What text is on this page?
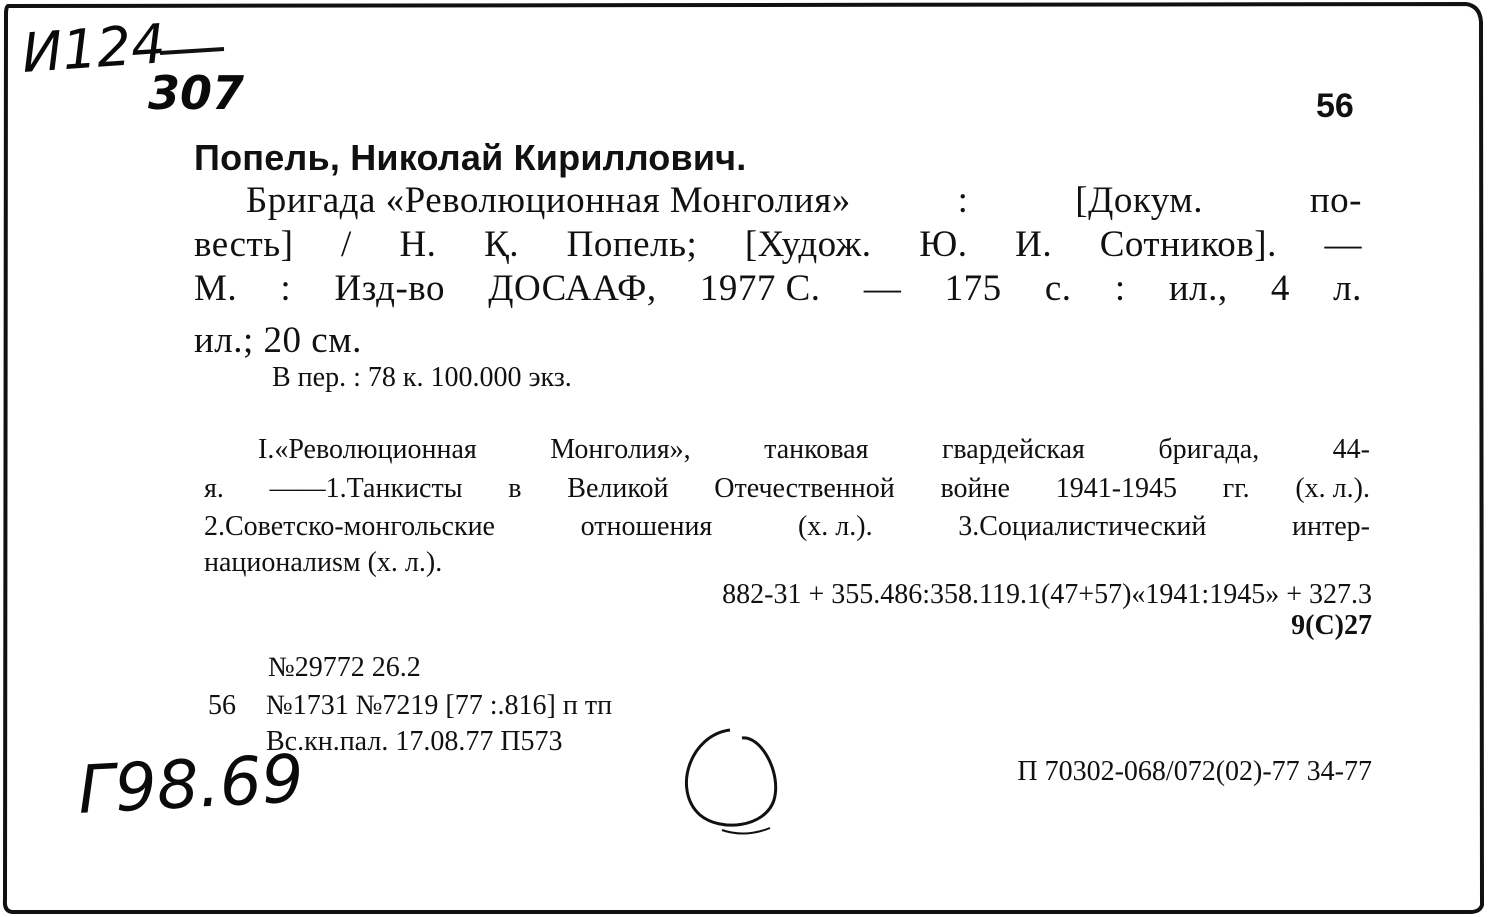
И124
307
Г98.69
56
Попель, Николай Кириллович.
Бригада «Революционная Монголия»	:	[Докум.	по-
весть] / Н. Қ. Попель; [Худож. Ю. И. Сотников]. —
М. : Изд-во ДОСААФ, 1977 С. — 175 с. : ил., 4 л.
ил.; 20 см.
В пер. : 78 к. 100.000 экз.
I.«Революционная	Монголия»,	танковая	гвардейская	бригада,	44-
я. ——1.Танкисты в Великой Отечественной войне 1941-1945 гг. (х. л.).
2.Советско-монгольские	отношения	(х. л.).	3.Социалистический	интер-
националиsм (х. л.).
882-31 + 355.486:358.119.1(47+57)«1941:1945» + 327.3
9(С)27
№29772 26.2
56 №1731 №7219 [77 :.816] п тп
Вс.кн.пал. 17.08.77 П573
П 70302-068/072(02)-77 34-77
